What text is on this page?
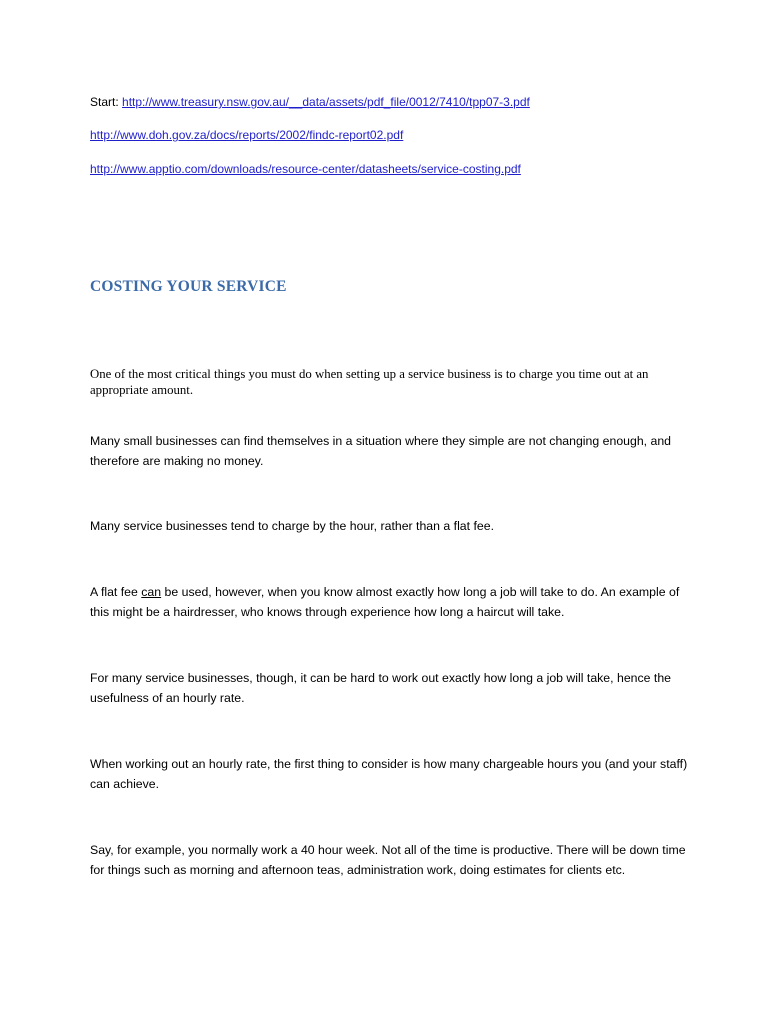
Start: http://www.treasury.nsw.gov.au/__data/assets/pdf_file/0012/7410/tpp07-3.pdf

http://www.doh.gov.za/docs/reports/2002/findc-report02.pdf

http://www.apptio.com/downloads/resource-center/datasheets/service-costing.pdf

COSTING YOUR SERVICE

One of the most critical things you must do when setting up a service business is to charge you time out at an appropriate amount.

Many small businesses can find themselves in a situation where they simple are not changing enough, and therefore are making no money.

Many service businesses tend to charge by the hour, rather than a flat fee.

A flat fee can be used, however, when you know almost exactly how long a job will take to do. An example of this might be a hairdresser, who knows through experience how long a haircut will take.

For many service businesses, though, it can be hard to work out exactly how long a job will take, hence the usefulness of an hourly rate.

When working out an hourly rate, the first thing to consider is how many chargeable hours you (and your staff) can achieve.

Say, for example, you normally work a 40 hour week. Not all of the time is productive. There will be down time for things such as morning and afternoon teas, administration work, doing estimates for clients etc.
